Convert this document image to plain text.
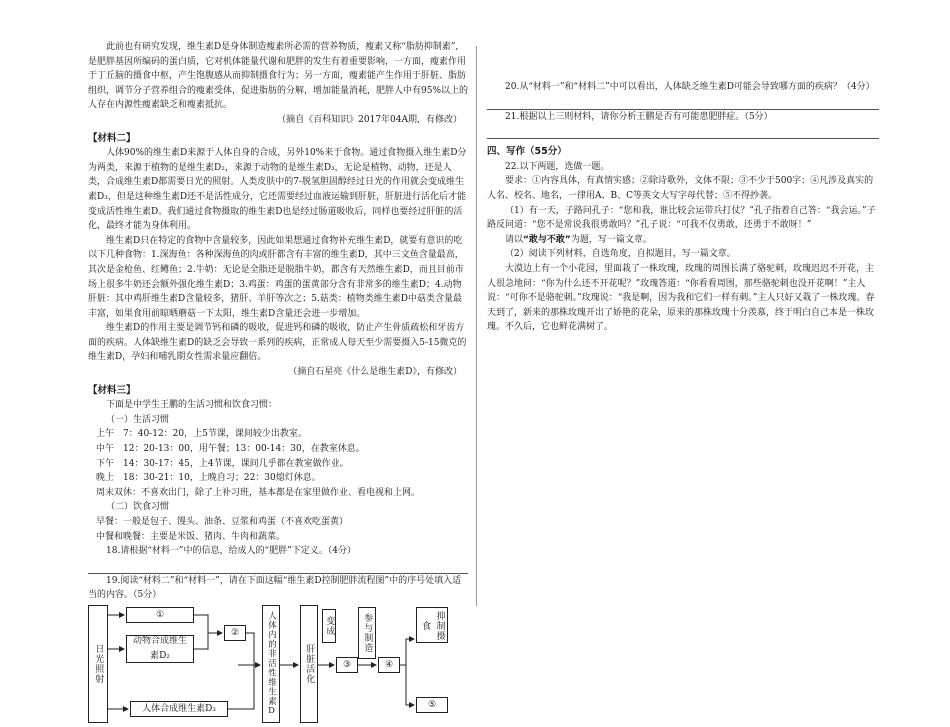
此前也有研究发现，维生素D是身体制造瘦素所必需的营养物质，瘦素又称“脂肪抑制素”，是肥胖基因所编码的蛋白质，它对机体能量代谢和肥胖的发生有着重要影响，一方面，瘦素作用于丁丘脑的摄食中枢，产生饱腹感从而抑制摄食行为；另一方面，瘦素能产生作用于肝脏、脂肪组织，调节分子营养组合的瘦素受体，促进脂肪的分解，增加能量消耗，肥胖人中有95%以上的人存在内源性瘦素缺乏和瘦素抵抗。

（摘自《百科知识》2017年04A期，有修改）

【材料二】

人体90%的维生素D来源于人体自身的合成，另外10%来于食物。通过食物摄入维生素D分为两类，来源于植物的是维生素D₂，来源于动物的是维生素D₃，无论是植物、动物，还是人类，合成维生素D都需要日光的照射。人类皮肤中的7-脱氢胆固醇经过日光的作用就会变成维生素D₃，但是这种维生素D还不是活性成分，它还需要经过血液运输到肝脏，肝脏进行活化后才能变成活性维生素D。我们通过食物摄取的维生素D也是经过肠道吸收后，同样也要经过肝脏的活化，最终才能为身体利用。

维生素D只在特定的食物中含量较多，因此如果想通过食物补充维生素D，就要有意识的吃以下几种食物：1.深海鱼：各种深海鱼的肉或肝都含有丰富的维生素D，其中三文鱼含量最高，其次是金枪鱼、红鳟鱼；2.牛奶：无论是全脂还是脱脂牛奶，都含有天然维生素D，而且目前市场上很多牛奶还会额外强化维生素D；3.鸡蛋：鸡蛋的蛋黄部分含有非常多的维生素D；4.动物肝脏：其中鸡肝维生素D含量较多，猪肝、羊肝等次之；5.菇类：植物类维生素D中菇类含量最丰富，如果食用前晾晒蘑菇一下太阳，维生素D含量还会进一步增加。

维生素D的作用主要是调节钙和磷的吸收，促进钙和磷的吸收，防止产生骨质疏松和牙齿方面的疾病。人体缺维生素D的缺乏会导致一系列的疾病，正常成人每天至少需要摄入5-15微克的维生素D，孕妇和哺乳期女性需求量应翻倍。

（摘自石星亮《什么是维生素D》，有修改）

【材料三】

下面是中学生王鹏的生活习惯和饮食习惯：

（一）生活习惯

上午　7：40-12：20，上5节课，课间较少出教室。

中午　12：20-13：00，用午餐；13：00-14：30，在教室休息。

下午　14：30-17：45，上4节课，课间几乎都在教室做作业。

晚上　18：30-21：10，上晚自习；22：30熄灯休息。

周末双休：不喜欢出门，除了上补习班，基本都是在家里做作业、看电视和上网。

（二）饮食习惯

早餐：一般是包子、馒头、油条、豆浆和鸡蛋（不喜欢吃蛋黄）

中餐和晚餐：主要是米饭、猪肉、牛肉和蔬菜。

18.请根据“材料一”中的信息，给成人的“肥胖”下定义。（4分）

19.阅读“材料二”和“材料一”，请在下面这幅“维生素D控制肥胖流程图”中的序号处填入适当的内容。（5分）

日光照射
①
动物合成维生素D₂
人体合成维生素D₃
②	人体内的非活性维生素D	肝脏活化
变成
③
参与制造
④
抑制摄食
⑤

20.从“材料一”和“材料二”中可以看出，人体缺乏维生素D可能会导致哪方面的疾病？（4分）

21.根据以上三则材料，请你分析王鹏是否有可能患肥胖症。（5分）

四、写作（55分）

22.以下两题，选做一题。

要求：①内容具体，有真情实感；②除诗歌外，文体不限；③不少于500字；④凡涉及真实的人名、校名、地名，一律用A、B、C等英文大写字母代替；⑤不得抄袭。

（1）有一天，子路问孔子：“您和我，谁比较会运带兵打仗？”孔子指着自己答：“我会运。”子路反问道：“您不是常说我很勇敢吗？”孔子说：“可我不仅勇敢，还勇于不敢呀！”

请以“敢与不敢”为题，写一篇文章。

（2）阅读下列材料，自选角度，自拟题目，写一篇文章。

大漠边上有一个小花园，里面栽了一株玫瑰，玫瑰的周围长满了骆驼刺，玫瑰迟迟不开花，主人很急地问：“你为什么还不开花呢？”玫瑰答道：“你看看周围，那些骆驼刺也没开花啊！”主人说：“可你不是骆驼刺。”玫瑰说：“我是啊，因为我和它们一样有刺。”主人只好又栽了一株玫瑰。春天到了，新来的那株玫瑰开出了娇艳的花朵，原来的那株玫瑰十分羡慕，终于明白自己本是一株玫瑰。不久后，它也鲜花满树了。
